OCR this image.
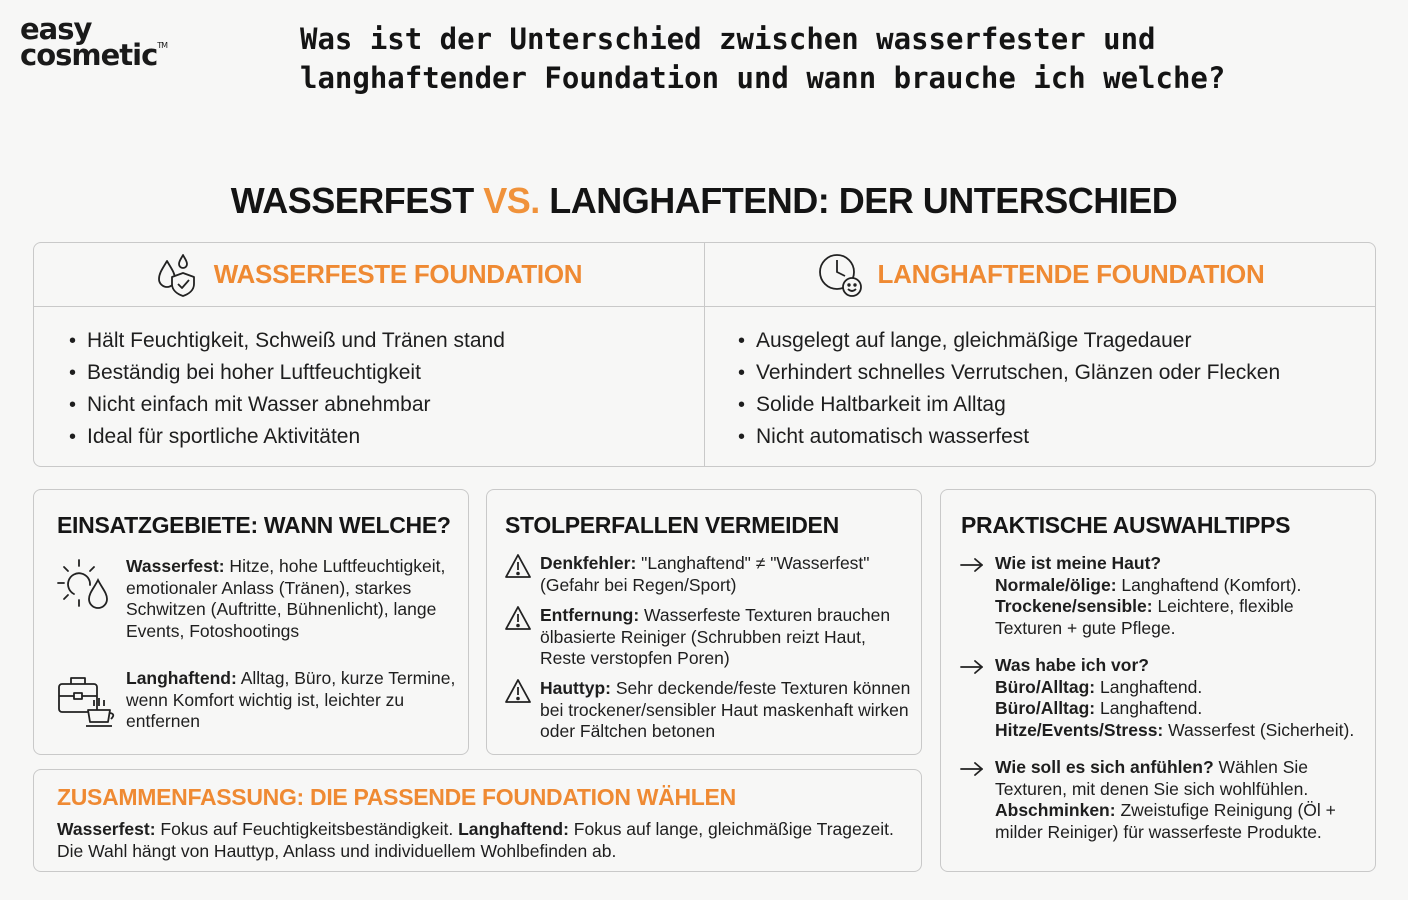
easy
cosmetic™	Was ist der Unterschied zwischen wasserfester und langhaftender Foundation und wann brauche ich welche?
WASSERFEST VS. LANGHAFTEND: DER UNTERSCHIED
WASSERFESTE FOUNDATION	LANGHAFTENDE FOUNDATION
• Hält Feuchtigkeit, Schweiß und Tränen stand
• Beständig bei hoher Luftfeuchtigkeit
• Nicht einfach mit Wasser abnehmbar
• Ideal für sportliche Aktivitäten
• Ausgelegt auf lange, gleichmäßige Tragedauer
• Verhindert schnelles Verrutschen, Glänzen oder Flecken
• Solide Haltbarkeit im Alltag
• Nicht automatisch wasserfest
EINSATZGEBIETE: WANN WELCHE?
Wasserfest: Hitze, hohe Luftfeuchtigkeit, emotionaler Anlass (Tränen), starkes Schwitzen (Auftritte, Bühnenlicht), lange Events, Fotoshootings
Langhaftend: Alltag, Büro, kurze Termine, wenn Komfort wichtig ist, leichter zu entfernen
STOLPERFALLEN VERMEIDEN
Denkfehler: "Langhaftend" ≠ "Wasserfest" (Gefahr bei Regen/Sport)
Entfernung: Wasserfeste Texturen brauchen ölbasierte Reiniger (Schrubben reizt Haut, Reste verstopfen Poren)
Hauttyp: Sehr deckende/feste Texturen können bei trockener/sensibler Haut maskenhaft wirken oder Fältchen betonen
PRAKTISCHE AUSWAHLTIPPS
Wie ist meine Haut?
Normale/ölige: Langhaftend (Komfort).
Trockene/sensible: Leichtere, flexible Texturen + gute Pflege.
Was habe ich vor?
Büro/Alltag: Langhaftend.
Büro/Alltag: Langhaftend.
Hitze/Events/Stress: Wasserfest (Sicherheit).
Wie soll es sich anfühlen? Wählen Sie Texturen, mit denen Sie sich wohlfühlen.
Abschminken: Zweistufige Reinigung (Öl + milder Reiniger) für wasserfeste Produkte.
ZUSAMMENFASSUNG: DIE PASSENDE FOUNDATION WÄHLEN

Wasserfest: Fokus auf Feuchtigkeitsbeständigkeit. Langhaftend: Fokus auf lange, gleichmäßige Tragezeit. Die Wahl hängt von Hauttyp, Anlass und individuellem Wohlbefinden ab.
